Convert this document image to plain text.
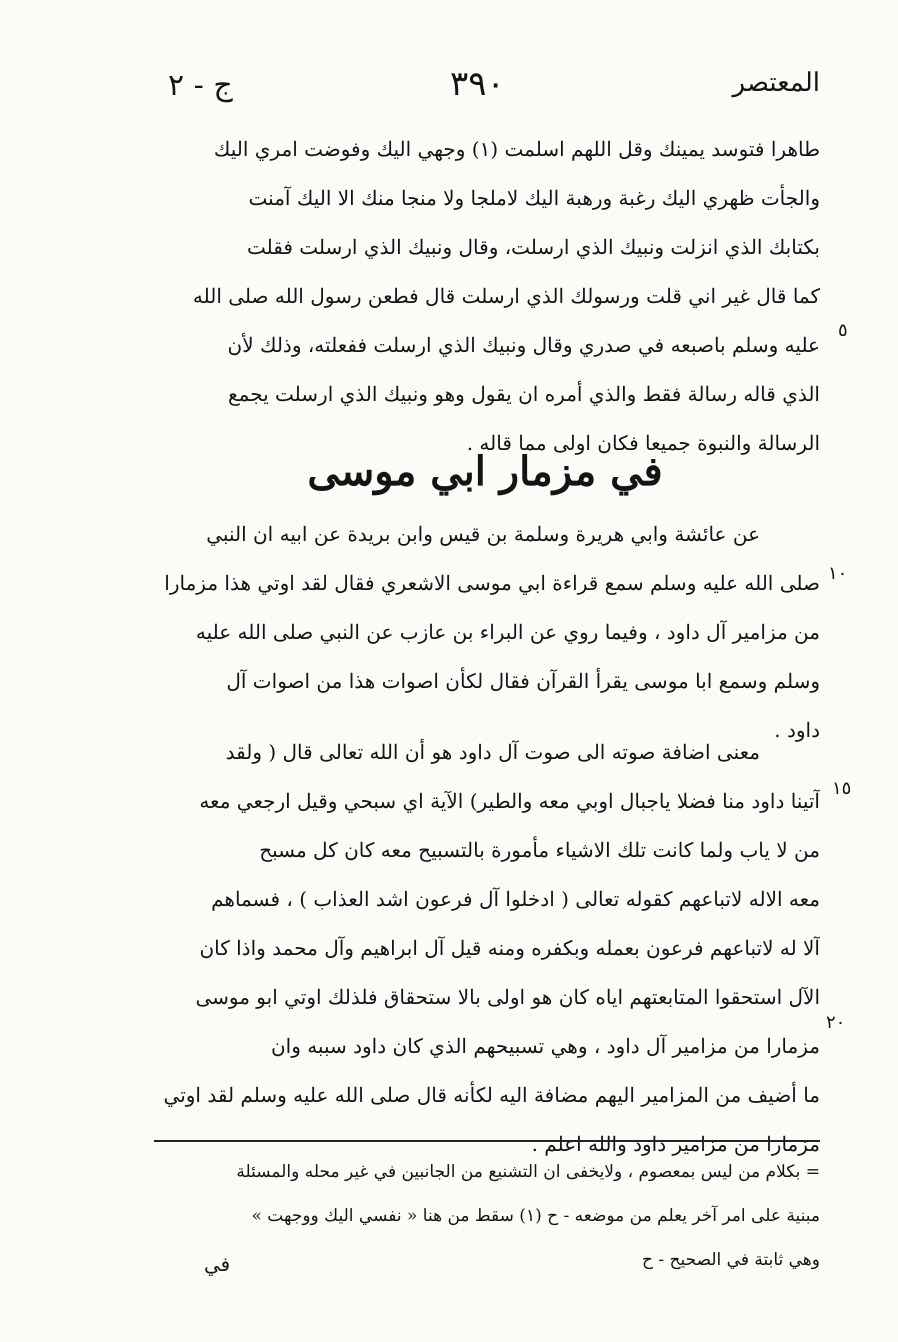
المعتصر
٣٩٠
ج - ٢
طاهرا فتوسد يمينك وقل اللهم اسلمت (١) وجهي اليك وفوضت امري اليك
والجأت ظهري اليك رغبة ورهبة اليك لاملجا ولا منجا منك الا اليك آمنت
بكتابك الذي انزلت ونبيك الذي ارسلت، وقال ونبيك الذي ارسلت فقلت
كما قال غير اني قلت ورسولك الذي ارسلت قال فطعن رسول الله صلى الله
عليه وسلم باصبعه في صدري وقال ونبيك الذي ارسلت ففعلته، وذلك لأن
الذي قاله رسالة فقط والذي أمره ان يقول وهو ونبيك الذي ارسلت يجمع
الرسالة والنبوة جميعا فكان اولى مما قاله .
في مزمار ابي موسى
عن عائشة وابي هريرة وسلمة بن قيس وابن بريدة عن ابيه ان النبي
صلى الله عليه وسلم سمع قراءة ابي موسى الاشعري فقال لقد اوتي هذا مزمارا
من مزامير آل داود ، وفيما روي عن البراء بن عازب عن النبي صلى الله عليه
وسلم وسمع ابا موسى يقرأ القرآن فقال لكأن اصوات هذا من اصوات آل
داود .
معنى اضافة صوته الى صوت آل داود هو أن الله تعالى قال ( ولقد
آتينا داود منا فضلا ياجبال اوبي معه والطير) الآية اي سبحي وقيل ارجعي معه
من لا ياب ولما كانت تلك الاشياء مأمورة بالتسبيح معه كان كل مسبح
معه الاله لاتباعهم كقوله تعالى ( ادخلوا آل فرعون اشد العذاب ) ، فسماهم
آلا له لاتباعهم فرعون بعمله وبكفره ومنه قيل آل ابراهيم وآل محمد واذا كان
الآل استحقوا المتابعتهم اياه كان هو اولى بالا ستحقاق فلذلك اوتي ابو موسى
مزمارا من مزامير آل داود ، وهي تسبيحهم الذي كان داود سببه وان
ما أضيف من المزامير اليهم مضافة اليه لكأنه قال صلى الله عليه وسلم لقد اوتي
مزمارا من مزامير داود والله اعلم .
٥
١٠
١٥
٢٠
= بكلام من ليس بمعصوم ، ولايخفى ان التشنيع من الجانبين في غير محله والمسئلة
مبنية على امر آخر يعلم من موضعه - ح (١) سقط من هنا « نفسي اليك ووجهت »
وهي ثابتة في الصحيح - ح
في
